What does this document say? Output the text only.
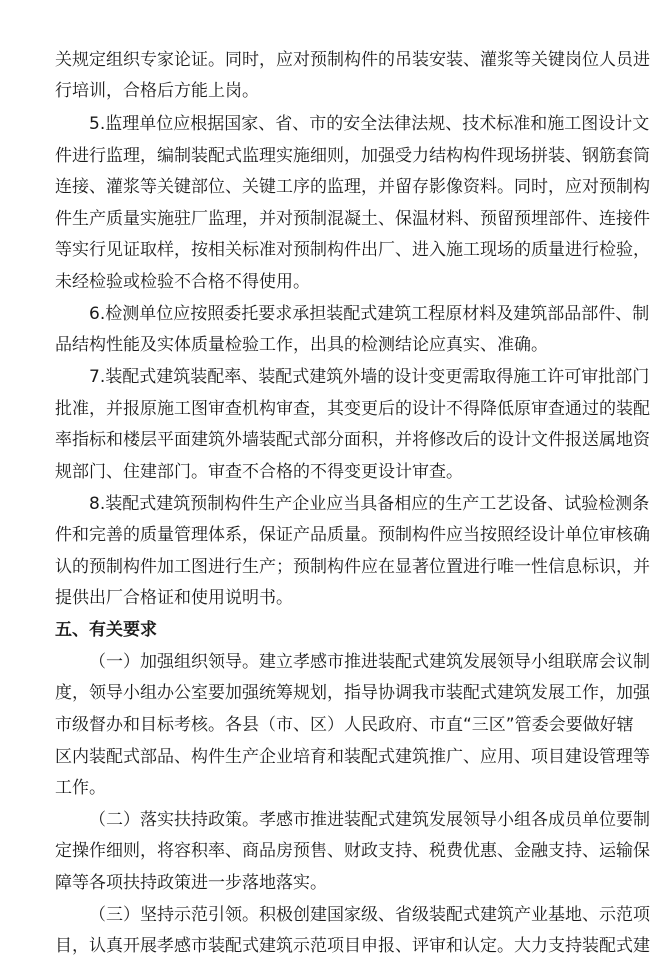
关规定组织专家论证。同时，应对预制构件的吊装安装、灌浆等关键岗位人员进
行培训，合格后方能上岗。
5.监理单位应根据国家、省、市的安全法律法规、技术标准和施工图设计文
件进行监理，编制装配式监理实施细则，加强受力结构构件现场拼装、钢筋套筒
连接、灌浆等关键部位、关键工序的监理，并留存影像资料。同时，应对预制构
件生产质量实施驻厂监理，并对预制混凝土、保温材料、预留预埋部件、连接件
等实行见证取样，按相关标准对预制构件出厂、进入施工现场的质量进行检验，
未经检验或检验不合格不得使用。
6.检测单位应按照委托要求承担装配式建筑工程原材料及建筑部品部件、制
品结构性能及实体质量检验工作，出具的检测结论应真实、准确。
7.装配式建筑装配率、装配式建筑外墙的设计变更需取得施工许可审批部门
批准，并报原施工图审查机构审查，其变更后的设计不得降低原审查通过的装配
率指标和楼层平面建筑外墙装配式部分面积，并将修改后的设计文件报送属地资
规部门、住建部门。审查不合格的不得变更设计审查。
8.装配式建筑预制构件生产企业应当具备相应的生产工艺设备、试验检测条
件和完善的质量管理体系，保证产品质量。预制构件应当按照经设计单位审核确
认的预制构件加工图进行生产；预制构件应在显著位置进行唯一性信息标识，并
提供出厂合格证和使用说明书。
五、有关要求
（一）加强组织领导。建立孝感市推进装配式建筑发展领导小组联席会议制
度，领导小组办公室要加强统筹规划，指导协调我市装配式建筑发展工作，加强
市级督办和目标考核。各县（市、区）人民政府、市直“三区”管委会要做好辖
区内装配式部品、构件生产企业培育和装配式建筑推广、应用、项目建设管理等
工作。
（二）落实扶持政策。孝感市推进装配式建筑发展领导小组各成员单位要制
定操作细则，将容积率、商品房预售、财政支持、税费优惠、金融支持、运输保
障等各项扶持政策进一步落地落实。
（三）坚持示范引领。积极创建国家级、省级装配式建筑产业基地、示范项
目，认真开展孝感市装配式建筑示范项目申报、评审和认定。大力支持装配式建
